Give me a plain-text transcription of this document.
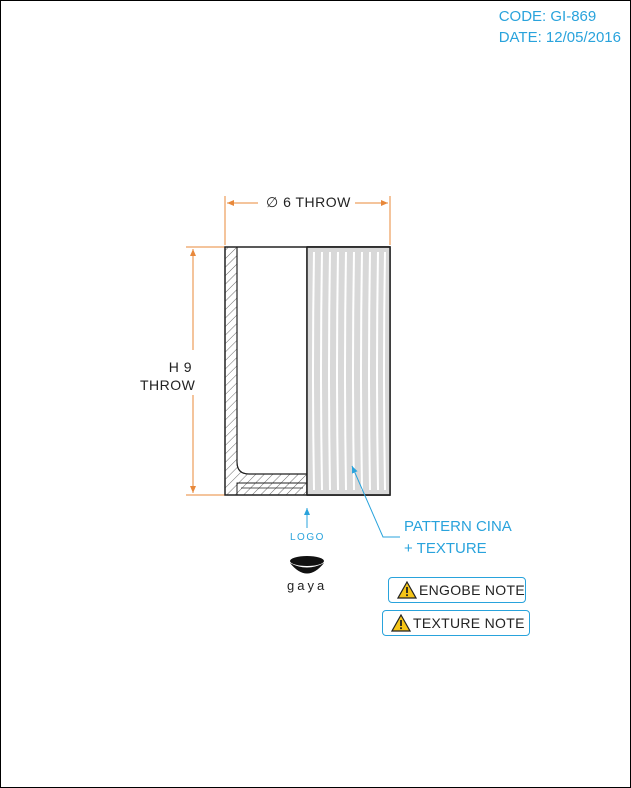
CODE: GI-869
DATE: 12/05/2016
∅ 6 THROW
H 9
THROW
LOGO
gaya
PATTERN CINA
+ TEXTURE
ENGOBE NOTE
TEXTURE NOTE
